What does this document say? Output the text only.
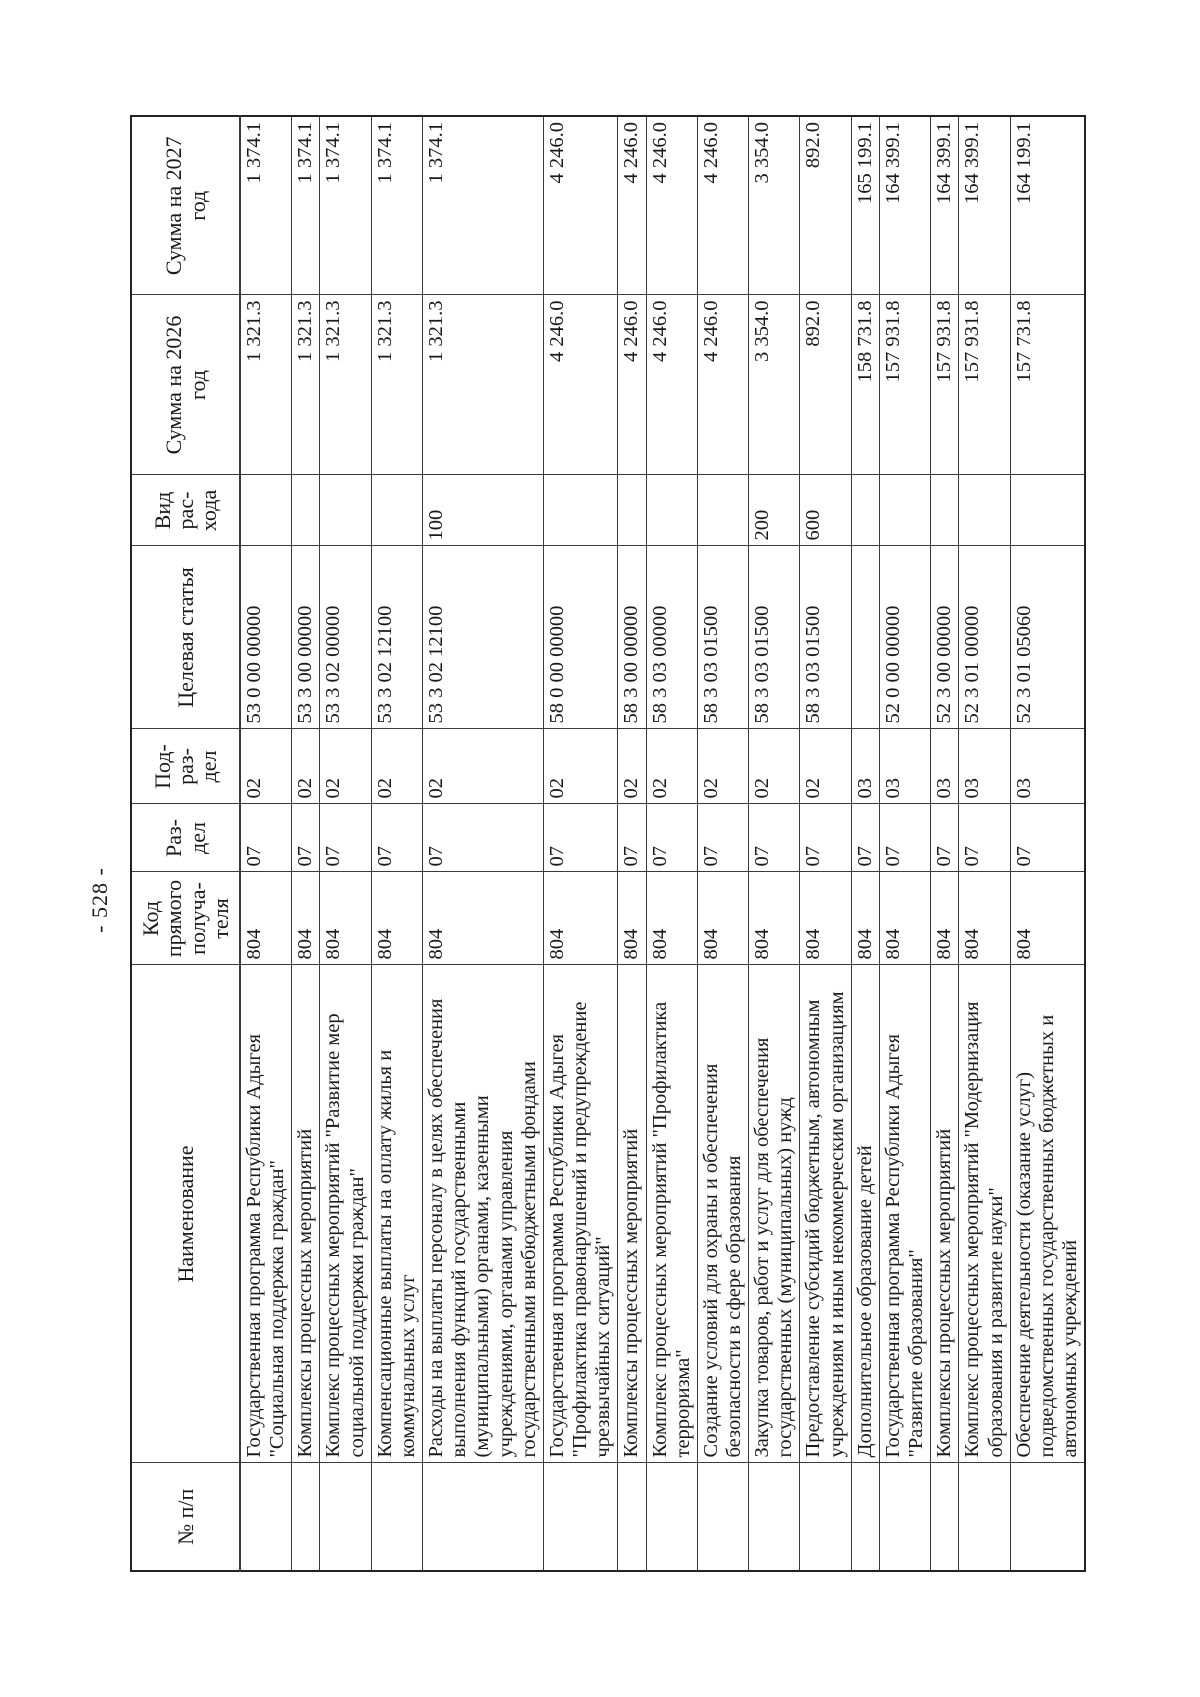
- 528 -
№ п/п	Наименование	Код прямого получа-теля	Раз-дел	Под-раз-дел	Целевая статья	Вид рас-хода	Сумма на 2026 год	Сумма на 2027 год
	Государственная программа Республики Адыгея "Социальная поддержка граждан"	804	07	02	53 0 00 00000		1 321.3	1 374.1
	Комплексы процессных мероприятий	804	07	02	53 3 00 00000		1 321.3	1 374.1
	Комплекс процессных мероприятий "Развитие мер социальной поддержки граждан"	804	07	02	53 3 02 00000		1 321.3	1 374.1
	Компенсационные выплаты на оплату жилья и коммунальных услуг	804	07	02	53 3 02 12100		1 321.3	1 374.1
	Расходы на выплаты персоналу в целях обеспечения выполнения функций государственными (муниципальными) органами, казенными учреждениями, органами управления государственными внебюджетными фондами	804	07	02	53 3 02 12100	100	1 321.3	1 374.1
	Государственная программа Республики Адыгея "Профилактика правонарушений и предупреждение чрезвычайных ситуаций"	804	07	02	58 0 00 00000		4 246.0	4 246.0
	Комплексы процессных мероприятий	804	07	02	58 3 00 00000		4 246.0	4 246.0
	Комплекс процессных мероприятий "Профилактика терроризма"	804	07	02	58 3 03 00000		4 246.0	4 246.0
	Создание условий для охраны и обеспечения безопасности в сфере образования	804	07	02	58 3 03 01500		4 246.0	4 246.0
	Закупка товаров, работ и услуг для обеспечения государственных (муниципальных) нужд	804	07	02	58 3 03 01500	200	3 354.0	3 354.0
	Предоставление субсидий бюджетным, автономным учреждениям и иным некоммерческим организациям	804	07	02	58 3 03 01500	600	892.0	892.0
	Дополнительное образование детей	804	07	03			158 731.8	165 199.1
	Государственная программа Республики Адыгея "Развитие образования"	804	07	03	52 0 00 00000		157 931.8	164 399.1
	Комплексы процессных мероприятий	804	07	03	52 3 00 00000		157 931.8	164 399.1
	Комплекс процессных мероприятий "Модернизация образования и развитие науки"	804	07	03	52 3 01 00000		157 931.8	164 399.1
	Обеспечение деятельности (оказание услуг) подведомственных государственных бюджетных и автономных учреждений	804	07	03	52 3 01 05060		157 731.8	164 199.1
